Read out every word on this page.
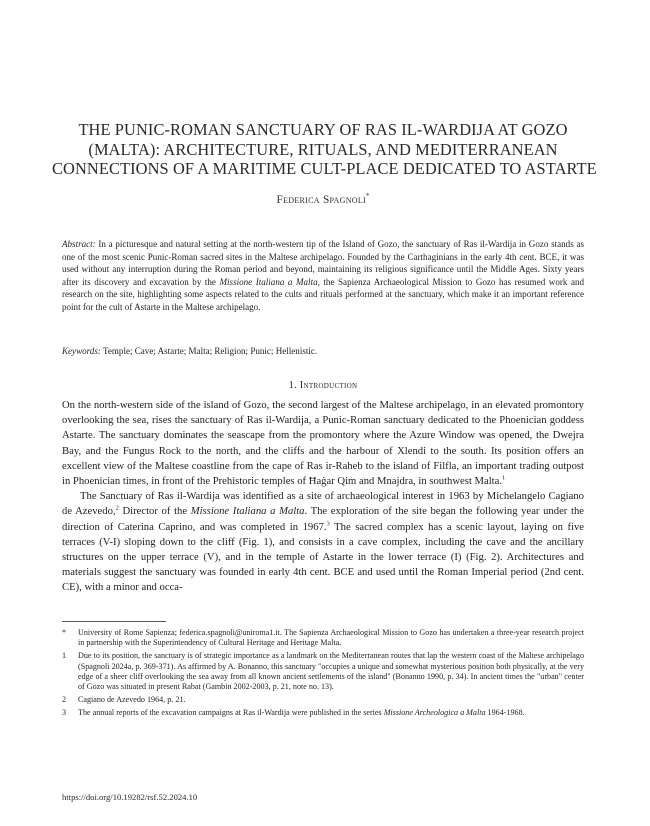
THE PUNIC-ROMAN SANCTUARY OF RAS IL-WARDIJA AT GOZO
(MALTA): ARCHITECTURE, RITUALS, AND MEDITERRANEAN
CONNECTIONS OF A MARITIME CULT-PLACE DEDICATED TO ASTARTE
Federica Spagnoli*
Abstract: In a picturesque and natural setting at the north-western tip of the Island of Gozo, the sanctuary of Ras il-Wardija in Gozo stands as one of the most scenic Punic-Roman sacred sites in the Maltese archipelago. Founded by the Carthaginians in the early 4th cent. BCE, it was used without any interruption during the Roman period and beyond, maintaining its religious significance until the Middle Ages. Sixty years after its discovery and excavation by the Missione Italiana a Malta, the Sapienza Archaeological Mission to Gozo has resumed work and research on the site, highlighting some aspects related to the cults and rituals performed at the sanctuary, which make it an important reference point for the cult of Astarte in the Maltese archipelago.
Keywords: Temple; Cave; Astarte; Malta; Religion; Punic; Hellenistic.
1. Introduction

On the north-western side of the island of Gozo, the second largest of the Maltese archipelago, in an elevated promontory overlooking the sea, rises the sanctuary of Ras il-Wardija, a Punic-Roman sanctuary dedicated to the Phoenician goddess Astarte. The sanctuary dominates the seascape from the promontory where the Azure Window was opened, the Dwejra Bay, and the Fungus Rock to the north, and the cliffs and the harbour of Xlendi to the south. Its position offers an excellent view of the Maltese coastline from the cape of Ras ir-Raheb to the island of Filfla, an important trading outpost in Phoenician times, in front of the Prehistoric temples of Ħaġar Qim and Mnajdra, in southwest Malta.$^1$

The Sanctuary of Ras il-Wardija was identified as a site of archaeological interest in 1963 by Michelangelo Cagiano de Azevedo,$^2$ Director of the Missione Italiana a Malta. The exploration of the site began the following year under the direction of Caterina Caprino, and was completed in 1967.$^3$ The sacred complex has a scenic layout, laying on five terraces (V-I) sloping down to the cliff (Fig. 1), and consists in a cave complex, including the cave and the ancillary structures on the upper terrace (V), and in the temple of Astarte in the lower terrace (I) (Fig. 2). Architectures and materials suggest the sanctuary was founded in early 4th cent. BCE and used until the Roman Imperial period (2nd cent. CE), with a minor and occa-

* University of Rome Sapienza; federica.spagnoli@uniroma1.it. The Sapienza Archaeological Mission to Gozo has undertaken a three-year research project in partnership with the Superintendency of Cultural Heritage and Heritage Malta.
1 Due to its position, the sanctuary is of strategic importance as a landmark on the Mediterranean routes that lap the western coast of the Maltese archipelago (Spagnoli 2024a, p. 369-371). As affirmed by A. Bonanno, this sanctuary "occupies a unique and somewhat mysterious position both physically, at the very edge of a sheer cliff overlooking the sea away from all known ancient settlements of the island" (Bonanno 1990, p. 34). In ancient times the "urban" center of Gozo was situated in present Rabat (Gambin 2002-2003, p. 21, note no. 13).
2 Cagiano de Azevedo 1964, p. 21.
3 The annual reports of the excavation campaigns at Ras il-Wardija were published in the series Missione Archeologica a Malta 1964-1968.
https://doi.org/10.19282/rsf.52.2024.10
